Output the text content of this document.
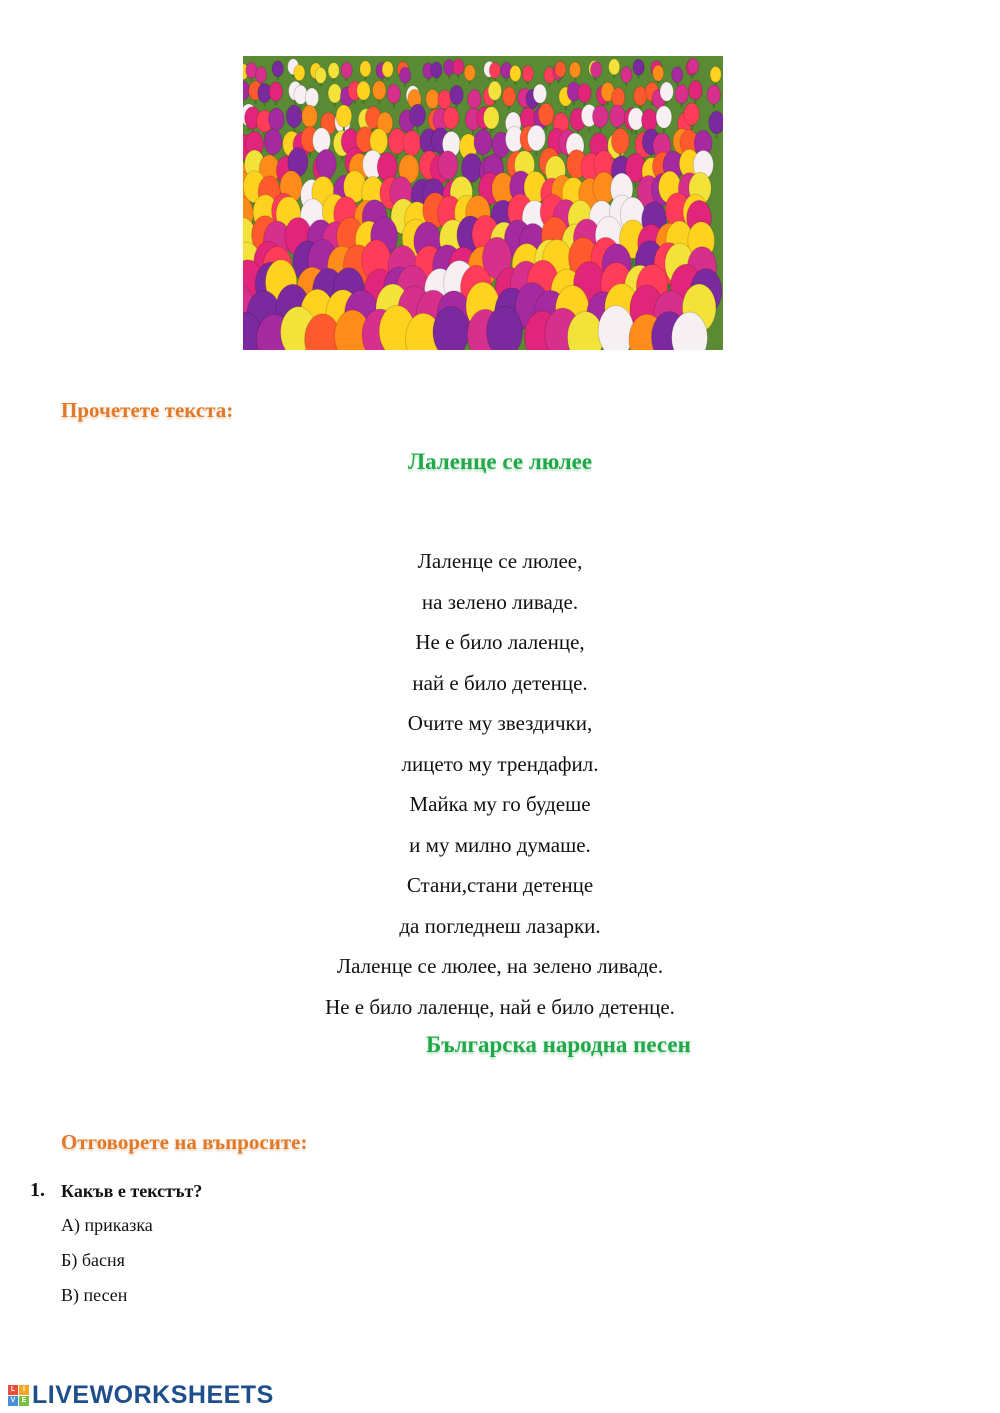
Прочетете текста:
Лаленце се люлее
Лаленце се люлее,
на зелено ливаде.
Не е било лаленце,
най е било детенце.
Очите му звездички,
лицето му трендафил.
Майка му го будеше
и му милно думаше.
Стани,стани детенце
да погледнеш лазарки.
Лаленце се люлее, на зелено ливаде.
Не е било лаленце, най е било детенце.
Българска народна песен
Отговорете на въпросите:
1. Какъв е текстът?
А) приказка
Б) басня
В) песен
L	I
V E LIVEWORKSHEETS
